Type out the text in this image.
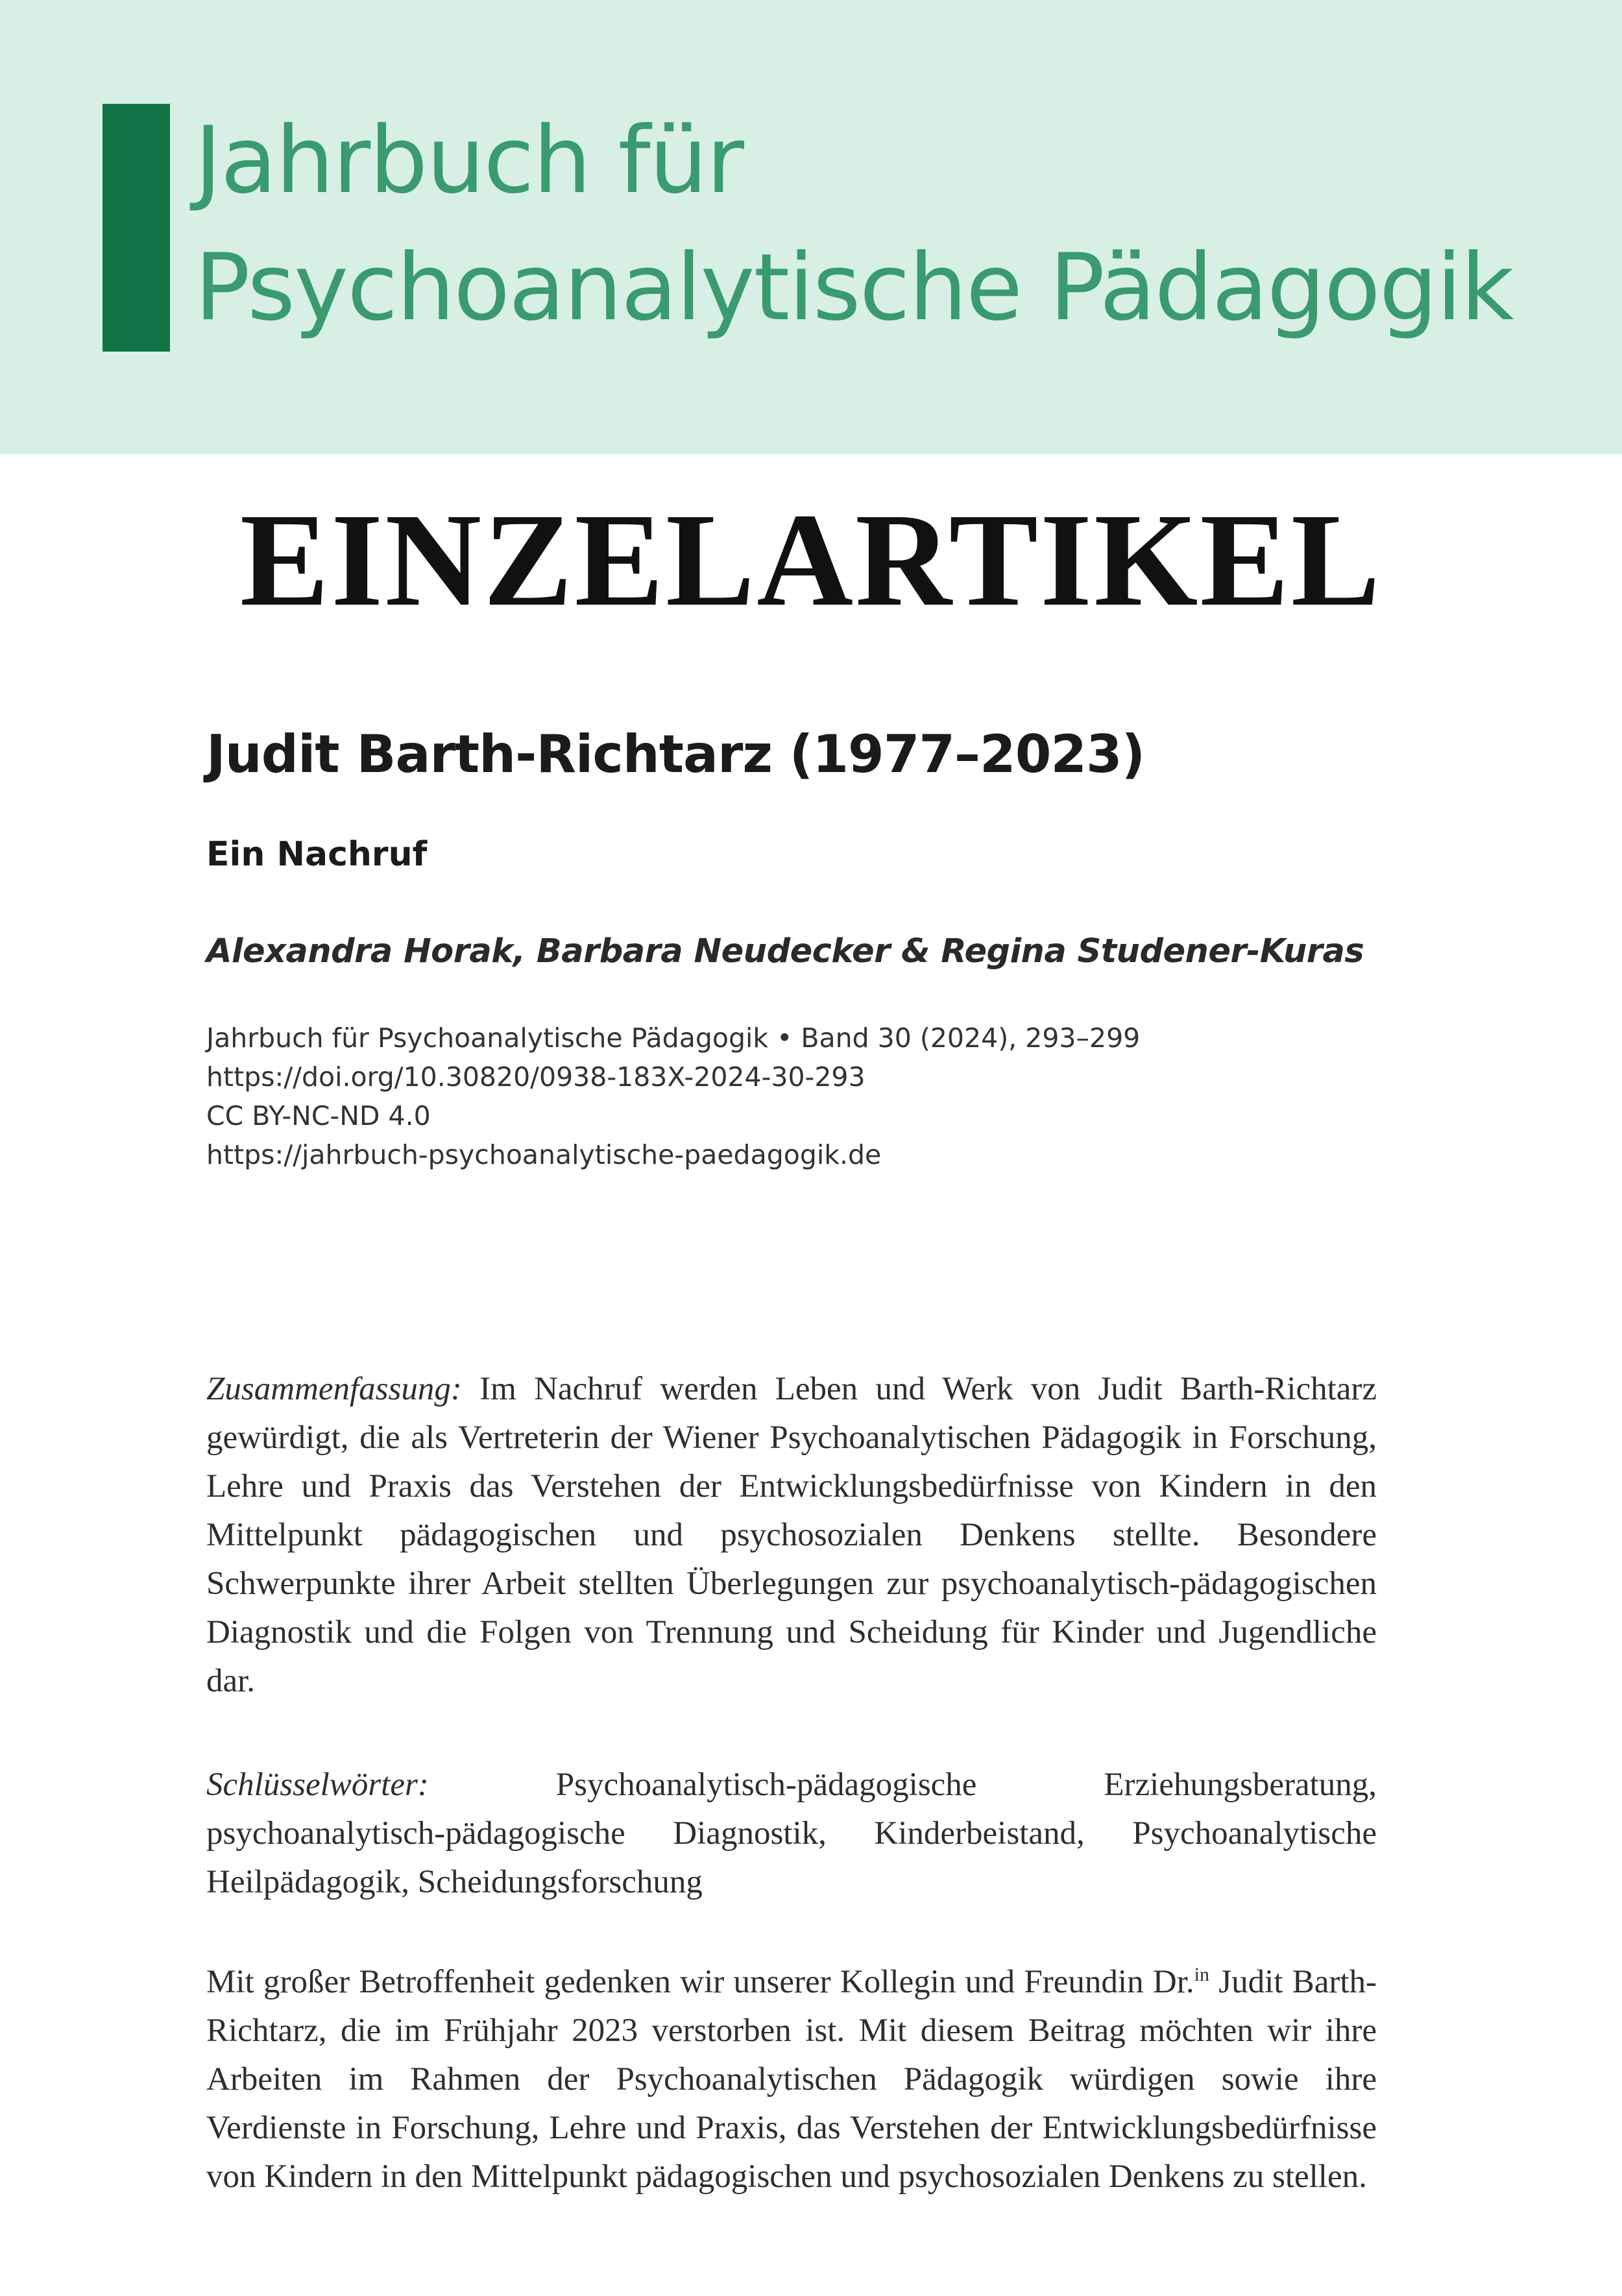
Jahrbuch für
Psychoanalytische Pädagogik
EINZELARTIKEL
Judit Barth-Richtarz (1977–2023)
Ein Nachruf
Alexandra Horak, Barbara Neudecker & Regina Studener-Kuras
Jahrbuch für Psychoanalytische Pädagogik • Band 30 (2024), 293–299
https://doi.org/10.30820/0938-183X-2024-30-293
CC BY-NC-ND 4.0
https://jahrbuch-psychoanalytische-paedagogik.de
Zusammenfassung: Im Nachruf werden Leben und Werk von Judit Barth-Richtarz gewürdigt, die als Vertreterin der Wiener Psychoanalytischen Pädagogik in Forschung, Lehre und Praxis das Verstehen der Entwicklungsbedürfnisse von Kindern in den Mittelpunkt pädagogischen und psychosozialen Denkens stellte. Besondere Schwerpunkte ihrer Arbeit stellten Überlegungen zur psychoanalytisch-pädagogischen Diagnostik und die Folgen von Trennung und Scheidung für Kinder und Jugendliche dar.
Schlüsselwörter:	Psychoanalytisch-pädagogische Erziehungsberatung, psychoanalytisch-pädagogische Diagnostik, Kinderbeistand, Psychoanalytische Heilpädagogik, Scheidungsforschung
Mit großer Betroffenheit gedenken wir unserer Kollegin und Freundin Dr.$^{in}$ Judit Barth-Richtarz, die im Frühjahr 2023 verstorben ist. Mit diesem Beitrag möchten wir ihre Arbeiten im Rahmen der Psychoanalytischen Pädagogik würdigen sowie ihre Verdienste in Forschung, Lehre und Praxis, das Verstehen der Entwicklungsbedürfnisse von Kindern in den Mittelpunkt pädagogischen und psychosozialen Denkens zu stellen.
